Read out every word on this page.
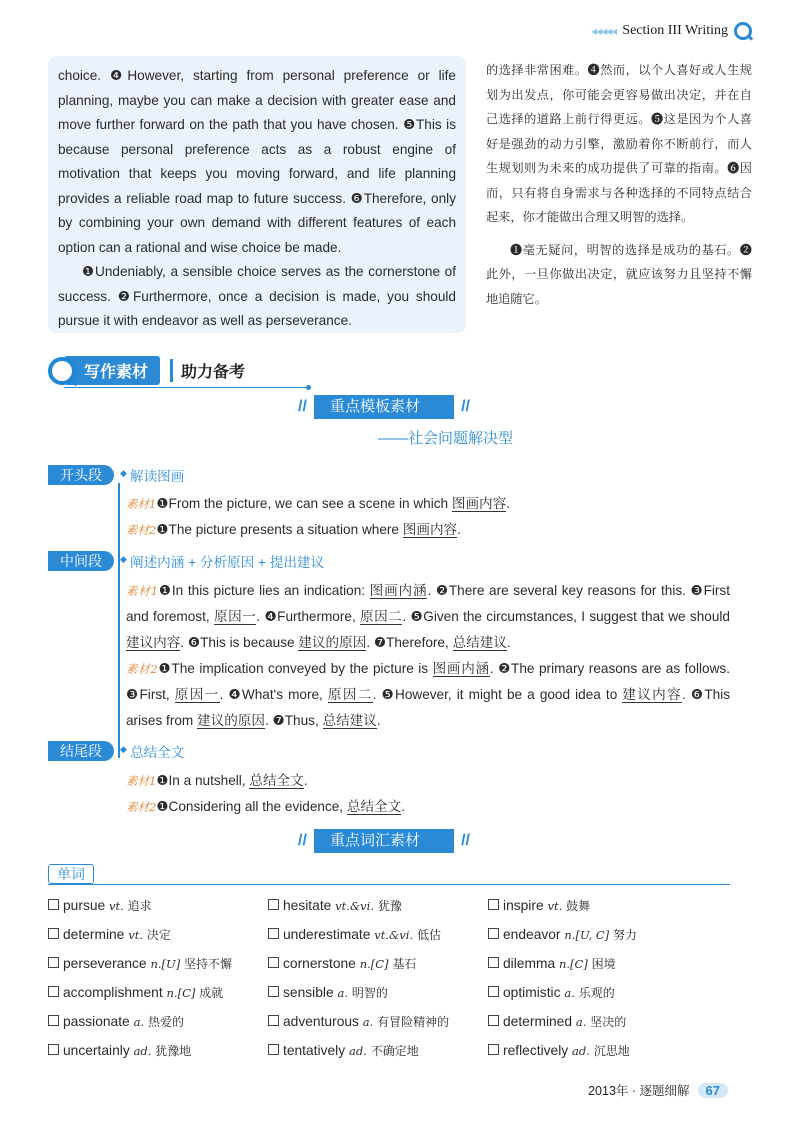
◂◂◂◂◂ Section III Writing

choice. ❹However, starting from personal preference or life planning, maybe you can make a decision with greater ease and move further forward on the path that you have chosen. ❺This is because personal preference acts as a robust engine of motivation that keeps you moving forward, and life planning provides a reliable road map to future success. ❻Therefore, only by combining your own demand with different features of each option can a rational and wise choice be made.

❶Undeniably, a sensible choice serves as the cornerstone of success. ❷Furthermore, once a decision is made, you should pursue it with endeavor as well as perseverance.

的选择非常困难。❹然而，以个人喜好或人生规划为出发点，你可能会更容易做出决定，并在自己选择的道路上前行得更远。❺这是因为个人喜好是强劲的动力引擎，激励着你不断前行，而人生规划则为未来的成功提供了可靠的指南。❻因而，只有将自身需求与各种选择的不同特点结合起来，你才能做出合理又明智的选择。

❶毫无疑问，明智的选择是成功的基石。❷此外，一旦你做出决定，就应该努力且坚持不懈地追随它。

写作素材	助力备考
// 重点模板素材 //
——社会问题解决型
开头段	◆ 解读图画
素材1❶From the picture, we can see a scene in which 图画内容.
素材2❶The picture presents a situation where 图画内容.
中间段	◆ 阐述内涵 + 分析原因 + 提出建议
素材1❶In this picture lies an indication: 图画内涵. ❷There are several key reasons for this. ❸First and foremost, 原因一. ❹Furthermore, 原因二. ❺Given the circumstances, I suggest that we should 建议内容. ❻This is because 建议的原因. ❼Therefore, 总结建议.
素材2❶The implication conveyed by the picture is 图画内涵. ❷The primary reasons are as follows. ❸First, 原因一. ❹What's more, 原因二. ❺However, it might be a good idea to 建议内容. ❻This arises from 建议的原因. ❼Thus, 总结建议.
结尾段	◆ 总结全文
素材1❶In a nutshell, 总结全文.
素材2❶Considering all the evidence, 总结全文.
// 重点词汇素材 //
单词
pursue vt. 追求	hesitate vt.&vi. 犹豫	inspire vt. 鼓舞
determine vt. 决定	underestimate vt.&vi. 低估	endeavor n.[U, C] 努力
perseverance n.[U] 坚持不懈	cornerstone n.[C] 基石	dilemma n.[C] 困境
accomplishment n.[C] 成就	sensible a. 明智的	optimistic a. 乐观的
passionate a. 热爱的	adventurous a. 有冒险精神的	determined a. 坚决的
uncertainly ad. 犹豫地	tentatively ad. 不确定地	reflectively ad. 沉思地
2013年 · 逐题细解	67
